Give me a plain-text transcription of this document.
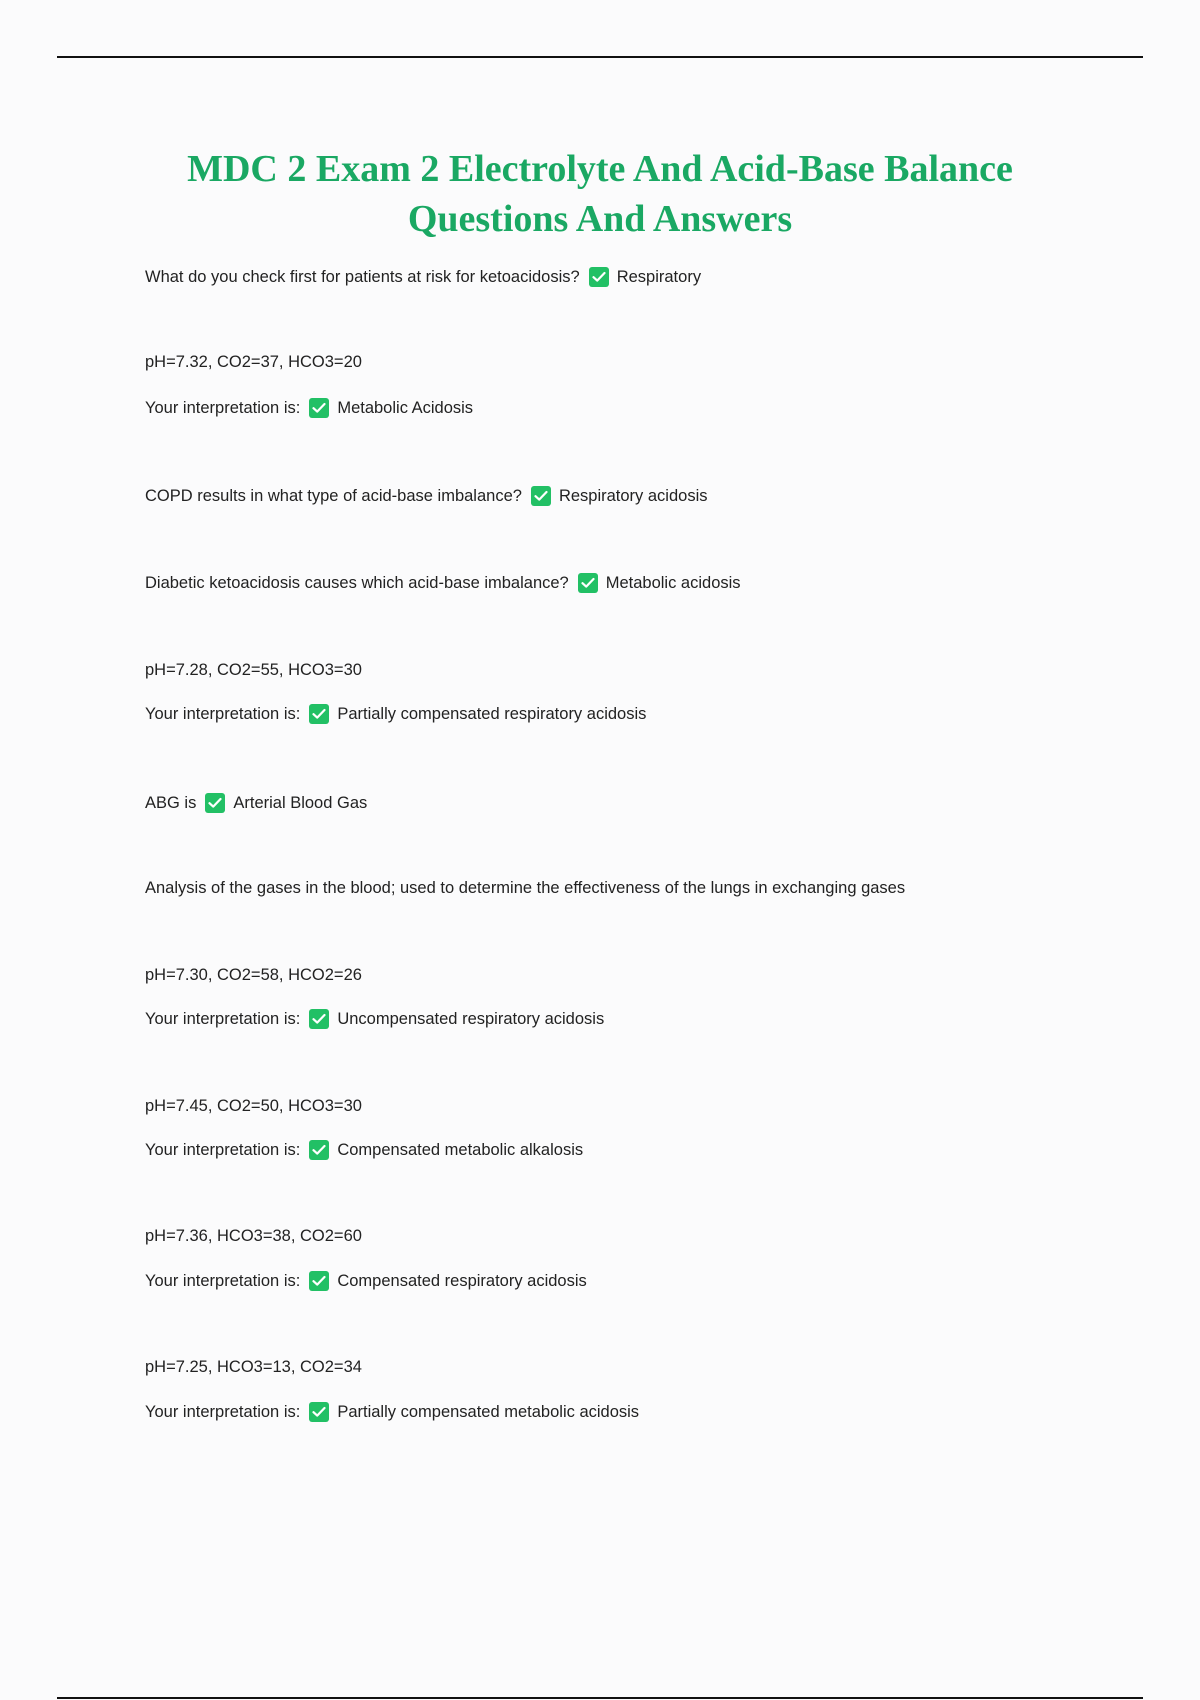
MDC 2 Exam 2 Electrolyte And Acid-Base Balance
Questions And Answers
What do you check first for patients at risk for ketoacidosis? Respiratory
pH=7.32, CO2=37, HCO3=20
Your interpretation is: Metabolic Acidosis
COPD results in what type of acid-base imbalance? Respiratory acidosis
Diabetic ketoacidosis causes which acid-base imbalance? Metabolic acidosis
pH=7.28, CO2=55, HCO3=30
Your interpretation is: Partially compensated respiratory acidosis
ABG is Arterial Blood Gas
Analysis of the gases in the blood; used to determine the effectiveness of the lungs in exchanging gases
pH=7.30, CO2=58, HCO2=26
Your interpretation is: Uncompensated respiratory acidosis
pH=7.45, CO2=50, HCO3=30
Your interpretation is: Compensated metabolic alkalosis
pH=7.36, HCO3=38, CO2=60
Your interpretation is: Compensated respiratory acidosis
pH=7.25, HCO3=13, CO2=34
Your interpretation is: Partially compensated metabolic acidosis
